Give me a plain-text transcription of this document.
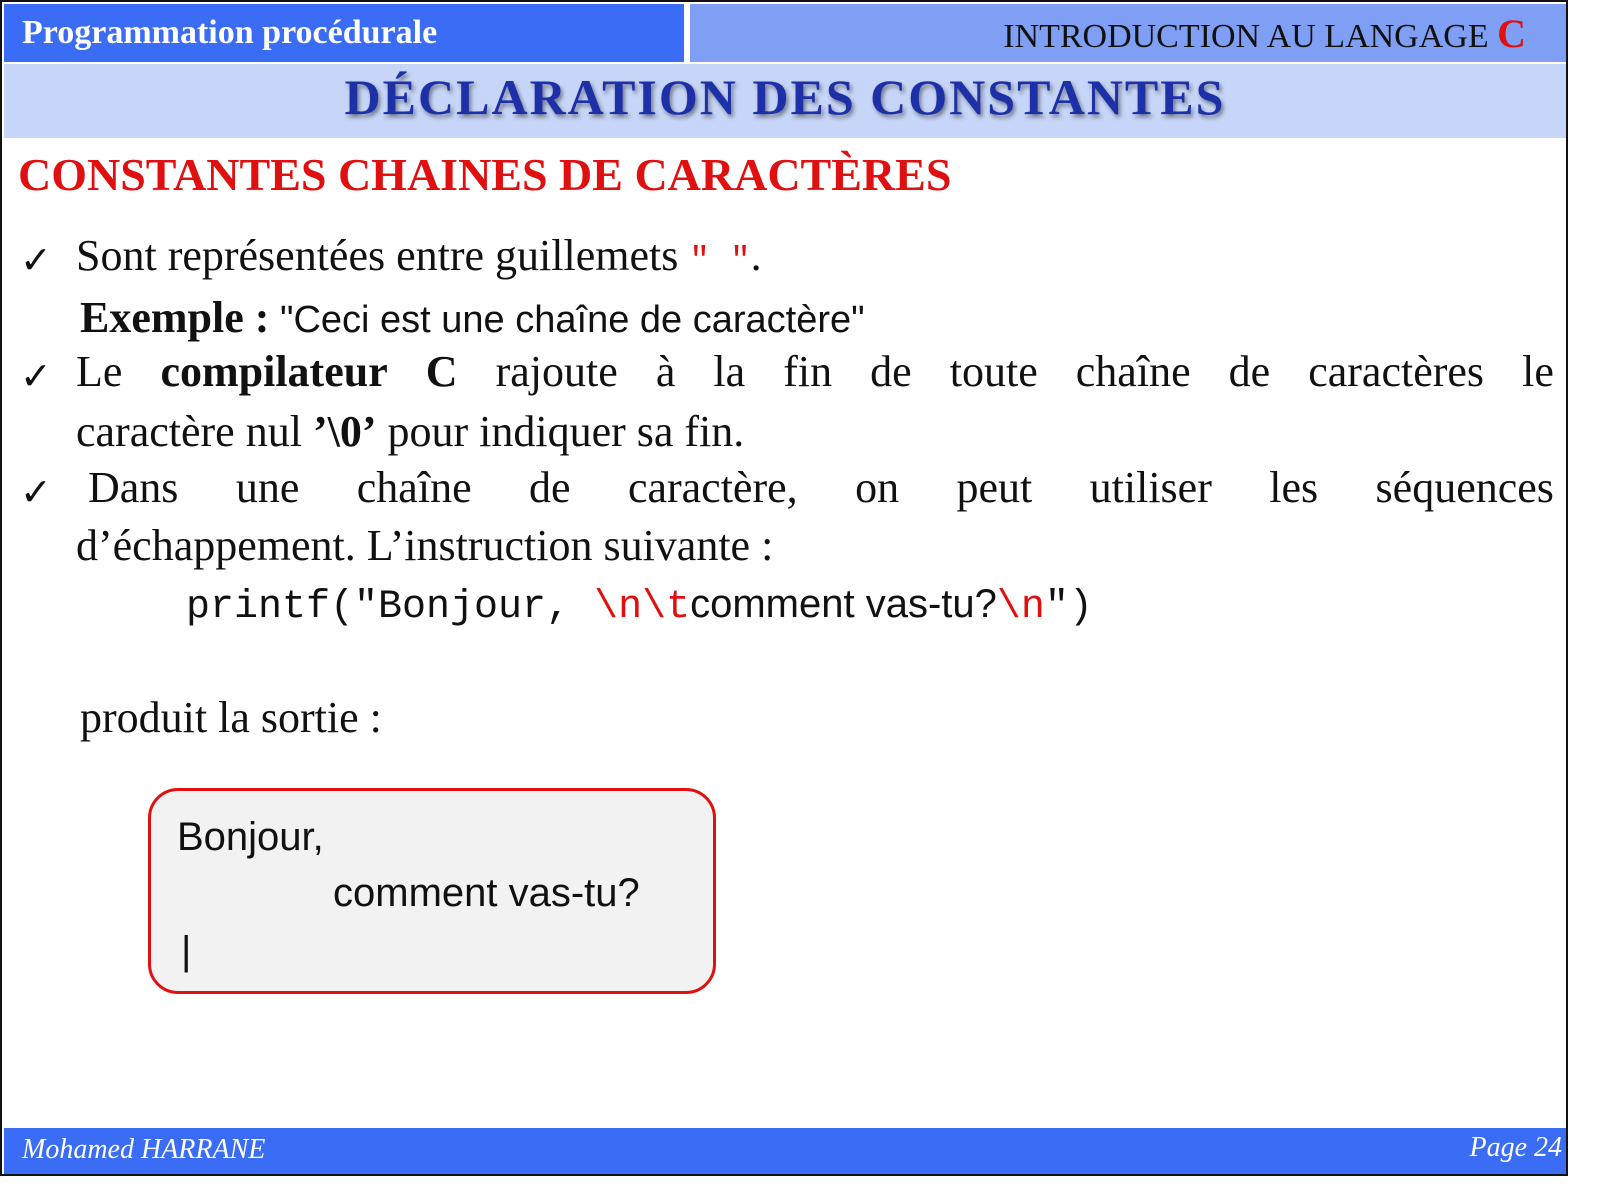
Programmation procédurale	INTRODUCTION AU LANGAGE C
DÉCLARATION DES CONSTANTES
CONSTANTES CHAINES DE CARACTÈRES
✓ Sont représentées entre guillemets " ".
Exemple : "Ceci est une chaîne de caractère"
✓ Le compilateur C rajoute à la fin de toute chaîne de caractères le
caractère nul ’\0’ pour indiquer sa fin.
✓ Dans une chaîne de caractère, on peut utiliser les séquences
d’échappement. L’instruction suivante :
printf("Bonjour, \n\tcomment vas-tu?\n")
produit la sortie :
Bonjour,
comment vas-tu?
|
Mohamed HARRANE	Page 24
